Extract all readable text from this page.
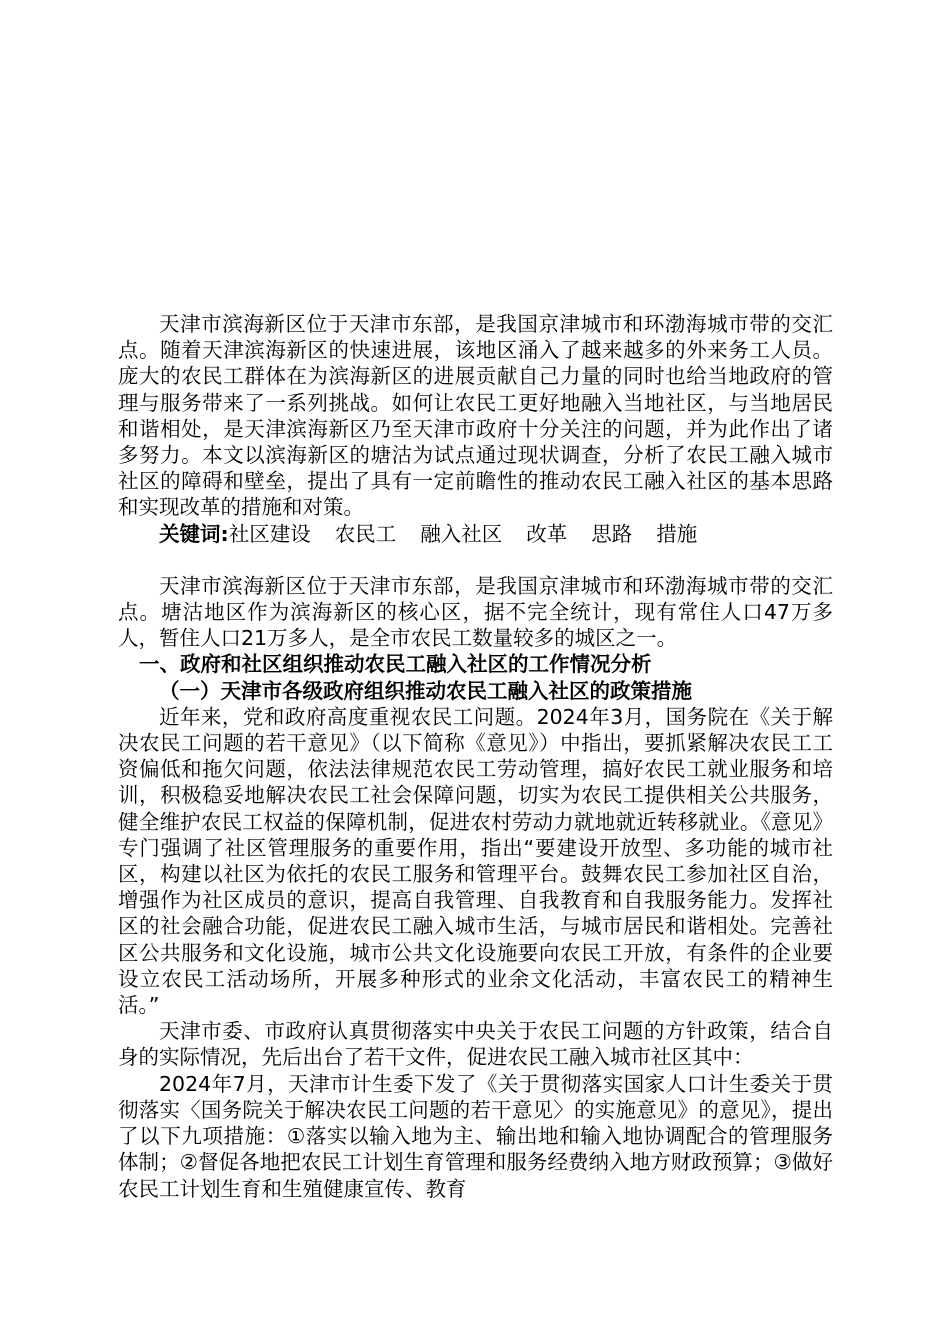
天津市滨海新区位于天津市东部，是我国京津城市和环渤海城市带的交汇点。随着天津滨海新区的快速进展，该地区涌入了越来越多的外来务工人员。庞大的农民工群体在为滨海新区的进展贡献自己力量的同时也给当地政府的管理与服务带来了一系列挑战。如何让农民工更好地融入当地社区，与当地居民和谐相处，是天津滨海新区乃至天津市政府十分关注的问题，并为此作出了诸多努力。本文以滨海新区的塘沽为试点通过现状调查，分析了农民工融入城市社区的障碍和壁垒，提出了具有一定前瞻性的推动农民工融入社区的基本思路和实现改革的措施和对策。

关键词:社区建设 农民工 融入社区 改革 思路 措施

天津市滨海新区位于天津市东部，是我国京津城市和环渤海城市带的交汇点。塘沽地区作为滨海新区的核心区，据不完全统计，现有常住人口47万多人，暂住人口21万多人，是全市农民工数量较多的城区之一。

一、政府和社区组织推动农民工融入社区的工作情况分析

（一）天津市各级政府组织推动农民工融入社区的政策措施

近年来，党和政府高度重视农民工问题。2024年3月，国务院在《关于解决农民工问题的若干意见》（以下简称《意见》）中指出，要抓紧解决农民工工资偏低和拖欠问题，依法法律规范农民工劳动管理，搞好农民工就业服务和培训，积极稳妥地解决农民工社会保障问题，切实为农民工提供相关公共服务，健全维护农民工权益的保障机制，促进农村劳动力就地就近转移就业。《意见》专门强调了社区管理服务的重要作用，指出“要建设开放型、多功能的城市社区，构建以社区为依托的农民工服务和管理平台。鼓舞农民工参加社区自治，增强作为社区成员的意识，提高自我管理、自我教育和自我服务能力。发挥社区的社会融合功能，促进农民工融入城市生活，与城市居民和谐相处。完善社区公共服务和文化设施，城市公共文化设施要向农民工开放，有条件的企业要设立农民工活动场所，开展多种形式的业余文化活动，丰富农民工的精神生活。”

天津市委、市政府认真贯彻落实中央关于农民工问题的方针政策，结合自身的实际情况，先后出台了若干文件，促进农民工融入城市社区其中：

2024年7月，天津市计生委下发了《关于贯彻落实国家人口计生委关于贯彻落实〈国务院关于解决农民工问题的若干意见〉的实施意见》的意见》，提出了以下九项措施：①落实以输入地为主、输出地和输入地协调配合的管理服务体制；②督促各地把农民工计划生育管理和服务经费纳入地方财政预算；③做好农民工计划生育和生殖健康宣传、教育
